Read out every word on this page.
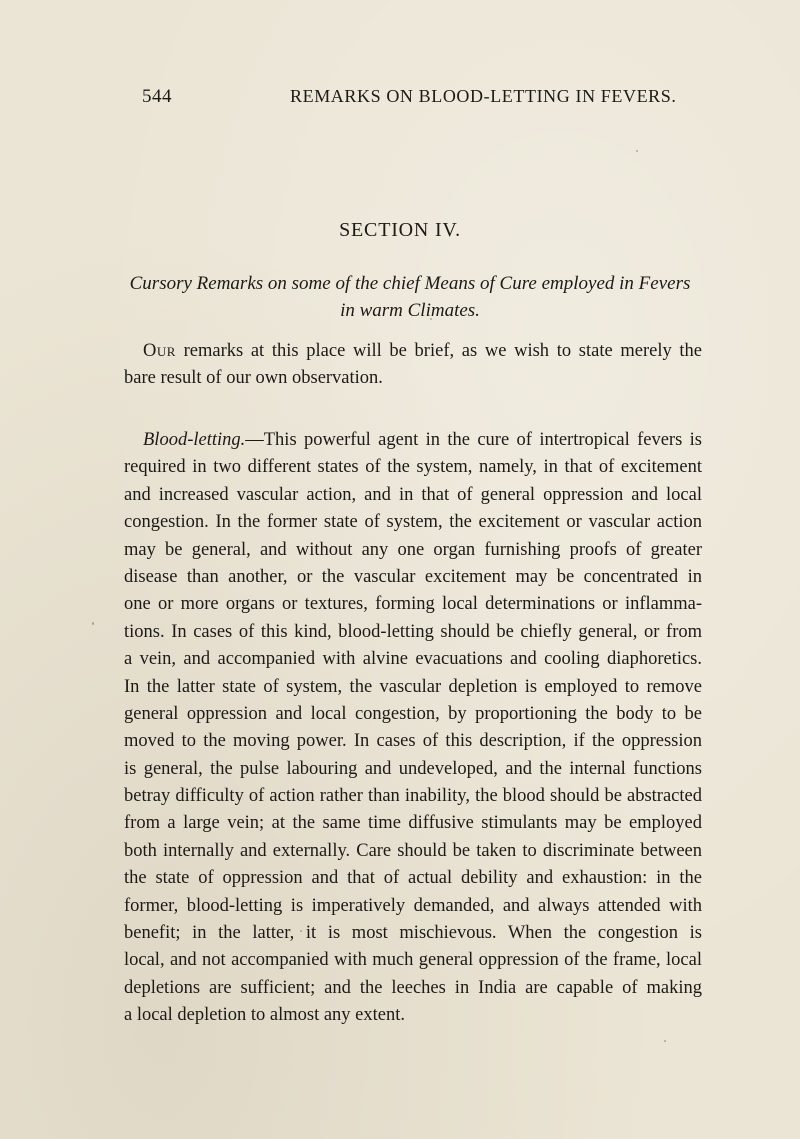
544	REMARKS ON BLOOD-LETTING IN FEVERS.
SECTION IV.
Cursory Remarks on some of the chief Means of Cure employed in Fevers
in warm Climates.
Our remarks at this place will be brief, as we wish to state merely the
bare result of our own observation.
Blood-letting.—This powerful agent in the cure of intertropical fevers is
required in two different states of the system, namely, in that of excitement
and increased vascular action, and in that of general oppression and local
congestion. In the former state of system, the excitement or vascular action
may be general, and without any one organ furnishing proofs of greater
disease than another, or the vascular excitement may be concentrated in
one or more organs or textures, forming local determinations or inflamma-
tions. In cases of this kind, blood-letting should be chiefly general, or from
a vein, and accompanied with alvine evacuations and cooling diaphoretics.
In the latter state of system, the vascular depletion is employed to remove
general oppression and local congestion, by proportioning the body to be
moved to the moving power. In cases of this description, if the oppression
is general, the pulse labouring and undeveloped, and the internal functions
betray difficulty of action rather than inability, the blood should be abstracted
from a large vein; at the same time diffusive stimulants may be employed
both internally and externally. Care should be taken to discriminate between
the state of oppression and that of actual debility and exhaustion: in the
former, blood-letting is imperatively demanded, and always attended with
benefit; in the latter, it is most mischievous. When the congestion is
local, and not accompanied with much general oppression of the frame, local
depletions are sufficient; and the leeches in India are capable of making
a local depletion to almost any extent.
